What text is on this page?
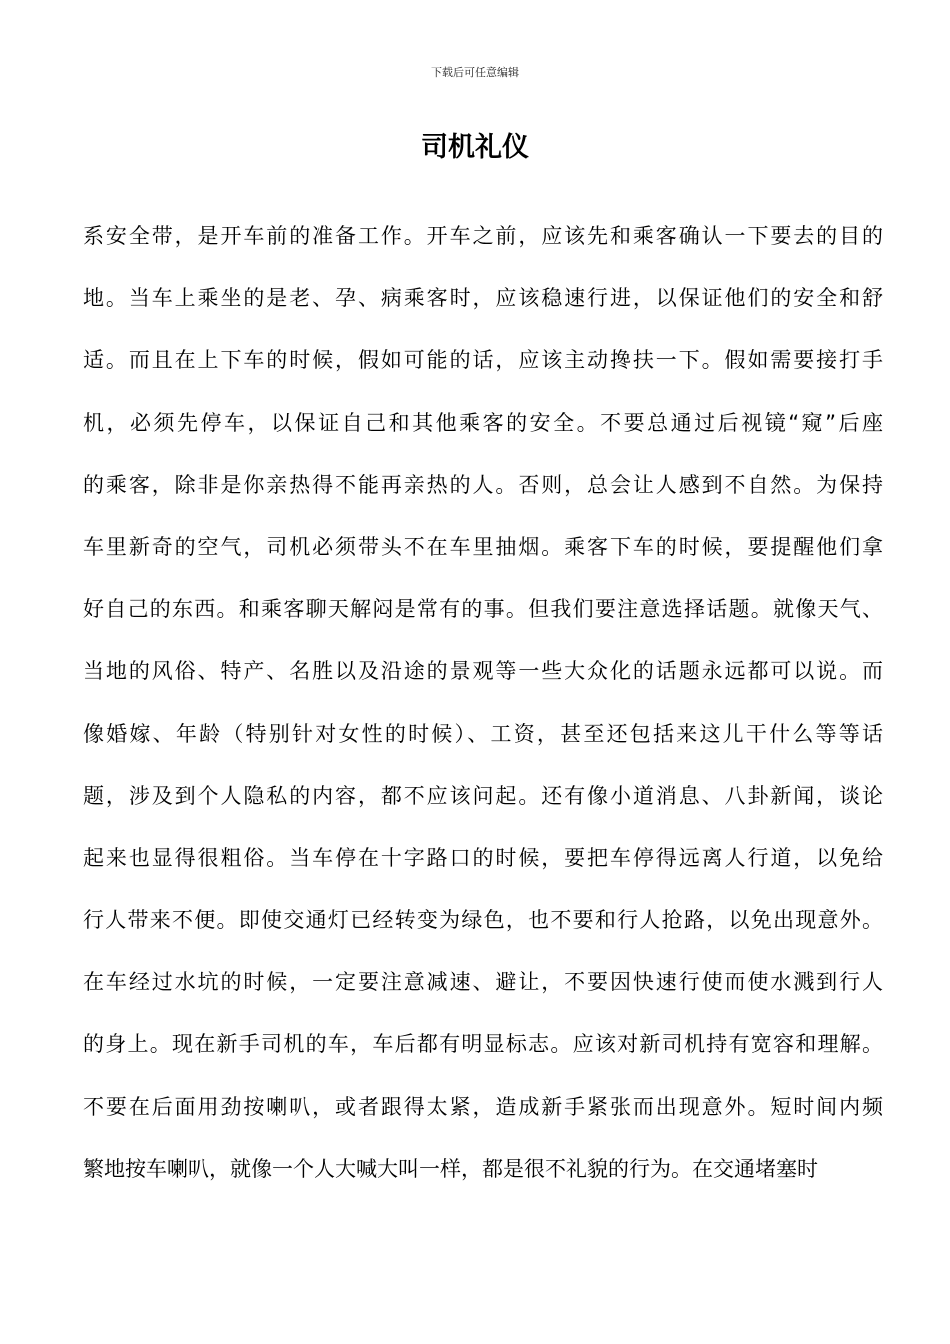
下载后可任意编辑
司机礼仪
系安全带，是开车前的准备工作。开车之前，应该先和乘客确认一下要去的目的
地。当车上乘坐的是老、孕、病乘客时，应该稳速行进，以保证他们的安全和舒
适。而且在上下车的时候，假如可能的话，应该主动搀扶一下。假如需要接打手
机，必须先停车，以保证自己和其他乘客的安全。不要总通过后视镜“窥”后座
的乘客，除非是你亲热得不能再亲热的人。否则，总会让人感到不自然。为保持
车里新奇的空气，司机必须带头不在车里抽烟。乘客下车的时候，要提醒他们拿
好自己的东西。和乘客聊天解闷是常有的事。但我们要注意选择话题。就像天气、
当地的风俗、特产、名胜以及沿途的景观等一些大众化的话题永远都可以说。而
像婚嫁、年龄（特别针对女性的时候）、工资，甚至还包括来这儿干什么等等话
题，涉及到个人隐私的内容，都不应该问起。还有像小道消息、八卦新闻，谈论
起来也显得很粗俗。当车停在十字路口的时候，要把车停得远离人行道，以免给
行人带来不便。即使交通灯已经转变为绿色，也不要和行人抢路，以免出现意外。
在车经过水坑的时候，一定要注意减速、避让，不要因快速行使而使水溅到行人
的身上。现在新手司机的车，车后都有明显标志。应该对新司机持有宽容和理解。
不要在后面用劲按喇叭，或者跟得太紧，造成新手紧张而出现意外。短时间内频
繁地按车喇叭，就像一个人大喊大叫一样，都是很不礼貌的行为。在交通堵塞时
